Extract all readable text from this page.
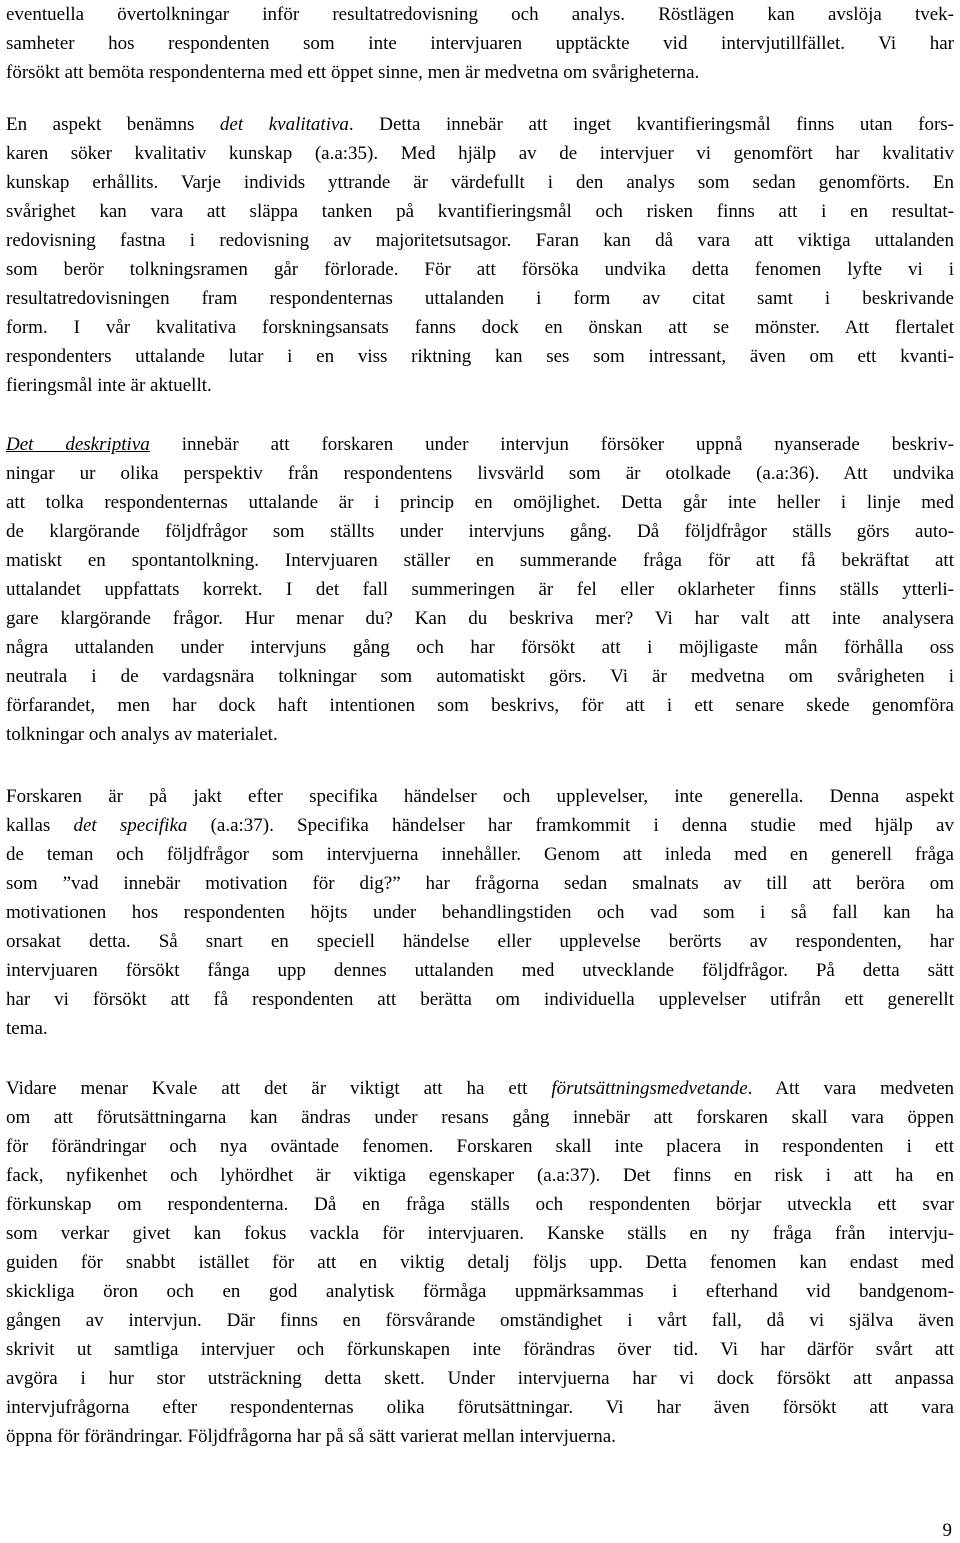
eventuella övertolkningar inför resultatredovisning och analys. Röstlägen kan avslöja tvek-
samheter hos respondenten som inte intervjuaren upptäckte vid intervjutillfället. Vi har
försökt att bemöta respondenterna med ett öppet sinne, men är medvetna om svårigheterna.
En aspekt benämns det kvalitativa. Detta innebär att inget kvantifieringsmål finns utan fors-
karen söker kvalitativ kunskap (a.a:35). Med hjälp av de intervjuer vi genomfört har kvalitativ
kunskap erhållits. Varje individs yttrande är värdefullt i den analys som sedan genomförts. En
svårighet kan vara att släppa tanken på kvantifieringsmål och risken finns att i en resultat-
redovisning fastna i redovisning av majoritetsutsagor. Faran kan då vara att viktiga uttalanden
som berör tolkningsramen går förlorade. För att försöka undvika detta fenomen lyfte vi i
resultatredovisningen fram respondenternas uttalanden i form av citat samt i beskrivande
form. I vår kvalitativa forskningsansats fanns dock en önskan att se mönster. Att flertalet
respondenters uttalande lutar i en viss riktning kan ses som intressant, även om ett kvanti-
fieringsmål inte är aktuellt.
Det deskriptiva innebär att forskaren under intervjun försöker uppnå nyanserade beskriv-
ningar ur olika perspektiv från respondentens livsvärld som är otolkade (a.a:36). Att undvika
att tolka respondenternas uttalande är i princip en omöjlighet. Detta går inte heller i linje med
de klargörande följdfrågor som ställts under intervjuns gång. Då följdfrågor ställs görs auto-
matiskt en spontantolkning. Intervjuaren ställer en summerande fråga för att få bekräftat att
uttalandet uppfattats korrekt. I det fall summeringen är fel eller oklarheter finns ställs ytterli-
gare klargörande frågor. Hur menar du? Kan du beskriva mer? Vi har valt att inte analysera
några uttalanden under intervjuns gång och har försökt att i möjligaste mån förhålla oss
neutrala i de vardagsnära tolkningar som automatiskt görs. Vi är medvetna om svårigheten i
förfarandet, men har dock haft intentionen som beskrivs, för att i ett senare skede genomföra
tolkningar och analys av materialet.
Forskaren är på jakt efter specifika händelser och upplevelser, inte generella. Denna aspekt
kallas det specifika (a.a:37). Specifika händelser har framkommit i denna studie med hjälp av
de teman och följdfrågor som intervjuerna innehåller. Genom att inleda med en generell fråga
som ”vad innebär motivation för dig?” har frågorna sedan smalnats av till att beröra om
motivationen hos respondenten höjts under behandlingstiden och vad som i så fall kan ha
orsakat detta. Så snart en speciell händelse eller upplevelse berörts av respondenten, har
intervjuaren försökt fånga upp dennes uttalanden med utvecklande följdfrågor. På detta sätt
har vi försökt att få respondenten att berätta om individuella upplevelser utifrån ett generellt
tema.
Vidare menar Kvale att det är viktigt att ha ett förutsättningsmedvetande. Att vara medveten
om att förutsättningarna kan ändras under resans gång innebär att forskaren skall vara öppen
för förändringar och nya oväntade fenomen. Forskaren skall inte placera in respondenten i ett
fack, nyfikenhet och lyhördhet är viktiga egenskaper (a.a:37). Det finns en risk i att ha en
förkunskap om respondenterna. Då en fråga ställs och respondenten börjar utveckla ett svar
som verkar givet kan fokus vackla för intervjuaren. Kanske ställs en ny fråga från intervju-
guiden för snabbt istället för att en viktig detalj följs upp. Detta fenomen kan endast med
skickliga öron och en god analytisk förmåga uppmärksammas i efterhand vid bandgenom-
gången av intervjun. Där finns en försvårande omständighet i vårt fall, då vi själva även
skrivit ut samtliga intervjuer och förkunskapen inte förändras över tid. Vi har därför svårt att
avgöra i hur stor utsträckning detta skett. Under intervjuerna har vi dock försökt att anpassa
intervjufrågorna efter respondenternas olika förutsättningar. Vi har även försökt att vara
öppna för förändringar. Följdfrågorna har på så sätt varierat mellan intervjuerna.
9
